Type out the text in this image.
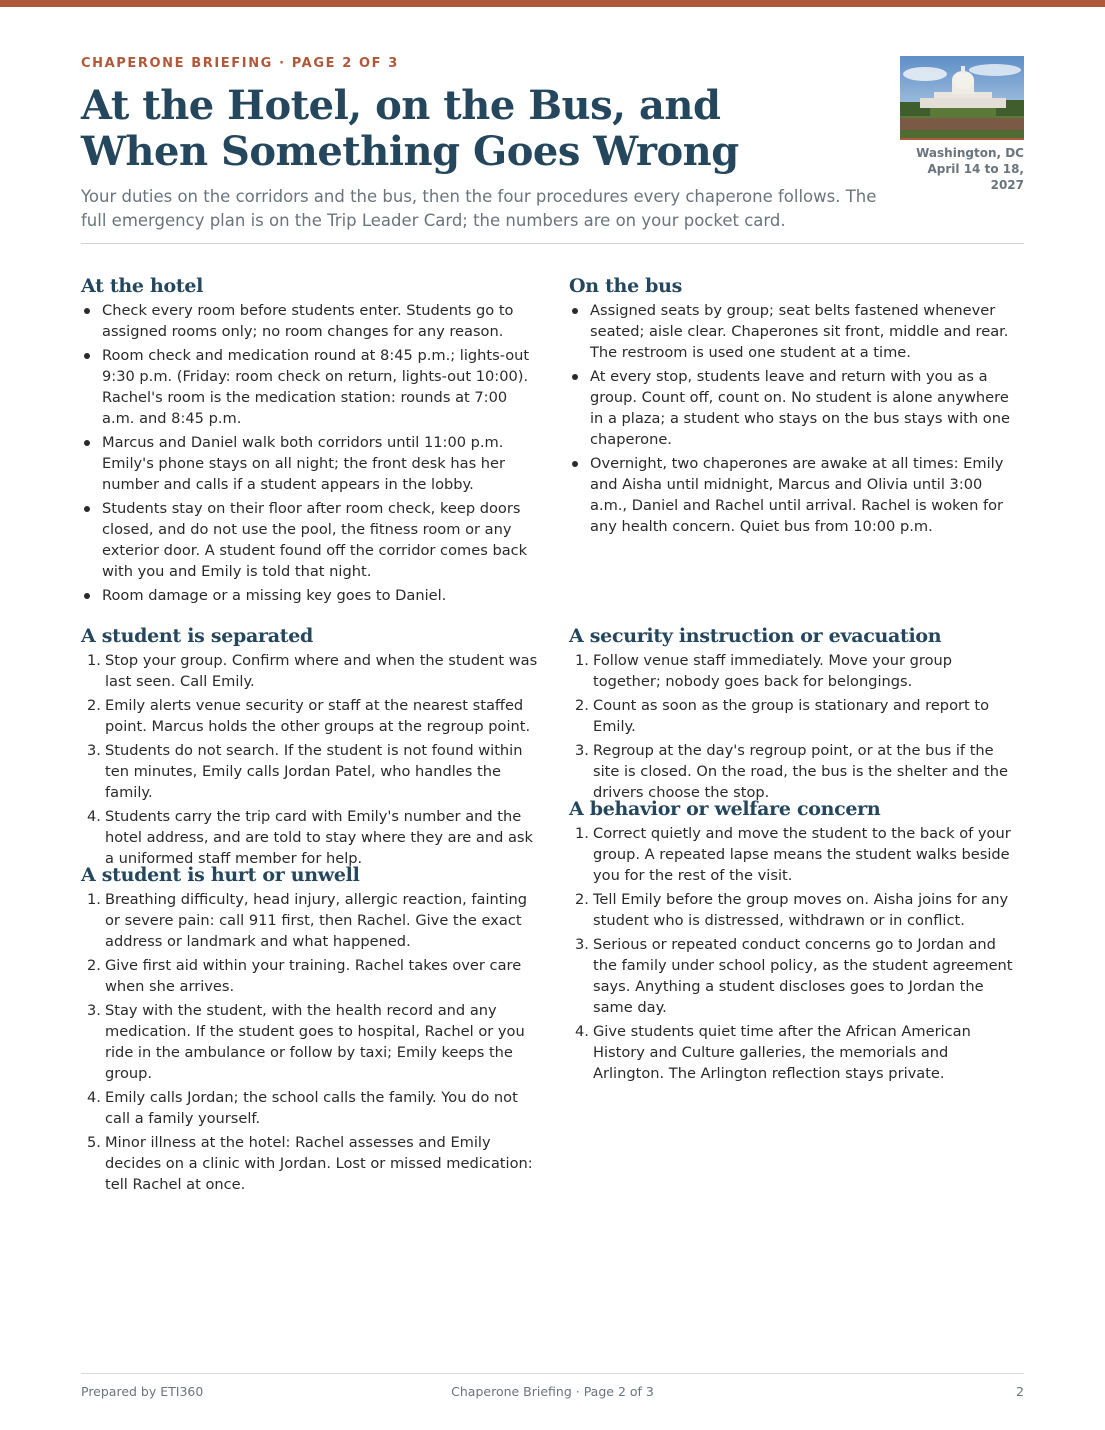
CHAPERONE BRIEFING · PAGE 2 OF 3

At the Hotel, on the Bus, and When Something Goes Wrong

Your duties on the corridors and the bus, then the four procedures every chaperone follows. The full emergency plan is on the Trip Leader Card; the numbers are on your pocket card.

Washington, DC
April 14 to 18, 2027
At the hotel
Check every room before students enter. Students go to assigned rooms only; no room changes for any reason.
Room check and medication round at 8:45 p.m.; lights-out 9:30 p.m. (Friday: room check on return, lights-out 10:00). Rachel's room is the medication station: rounds at 7:00 a.m. and 8:45 p.m.
Marcus and Daniel walk both corridors until 11:00 p.m. Emily's phone stays on all night; the front desk has her number and calls if a student appears in the lobby.
Students stay on their floor after room check, keep doors closed, and do not use the pool, the fitness room or any exterior door. A student found off the corridor comes back with you and Emily is told that night.
Room damage or a missing key goes to Daniel.
On the bus
Assigned seats by group; seat belts fastened whenever seated; aisle clear. Chaperones sit front, middle and rear. The restroom is used one student at a time.
At every stop, students leave and return with you as a group. Count off, count on. No student is alone anywhere in a plaza; a student who stays on the bus stays with one chaperone.
Overnight, two chaperones are awake at all times: Emily and Aisha until midnight, Marcus and Olivia until 3:00 a.m., Daniel and Rachel until arrival. Rachel is woken for any health concern. Quiet bus from 10:00 p.m.
A student is separated
1. Stop your group. Confirm where and when the student was last seen. Call Emily.
2. Emily alerts venue security or staff at the nearest staffed point. Marcus holds the other groups at the regroup point.
3. Students do not search. If the student is not found within ten minutes, Emily calls Jordan Patel, who handles the family.
4. Students carry the trip card with Emily's number and the hotel address, and are told to stay where they are and ask a uniformed staff member for help.
A student is hurt or unwell
1. Breathing difficulty, head injury, allergic reaction, fainting or severe pain: call 911 first, then Rachel. Give the exact address or landmark and what happened.
2. Give first aid within your training. Rachel takes over care when she arrives.
3. Stay with the student, with the health record and any medication. If the student goes to hospital, Rachel or you ride in the ambulance or follow by taxi; Emily keeps the group.
4. Emily calls Jordan; the school calls the family. You do not call a family yourself.
5. Minor illness at the hotel: Rachel assesses and Emily decides on a clinic with Jordan. Lost or missed medication: tell Rachel at once.
A security instruction or evacuation
1. Follow venue staff immediately. Move your group together; nobody goes back for belongings.
2. Count as soon as the group is stationary and report to Emily.
3. Regroup at the day's regroup point, or at the bus if the site is closed. On the road, the bus is the shelter and the drivers choose the stop.
A behavior or welfare concern
1. Correct quietly and move the student to the back of your group. A repeated lapse means the student walks beside you for the rest of the visit.
2. Tell Emily before the group moves on. Aisha joins for any student who is distressed, withdrawn or in conflict.
3. Serious or repeated conduct concerns go to Jordan and the family under school policy, as the student agreement says. Anything a student discloses goes to Jordan the same day.
4. Give students quiet time after the African American History and Culture galleries, the memorials and Arlington. The Arlington reflection stays private.
Prepared by ETI360	Chaperone Briefing · Page 2 of 3	2
